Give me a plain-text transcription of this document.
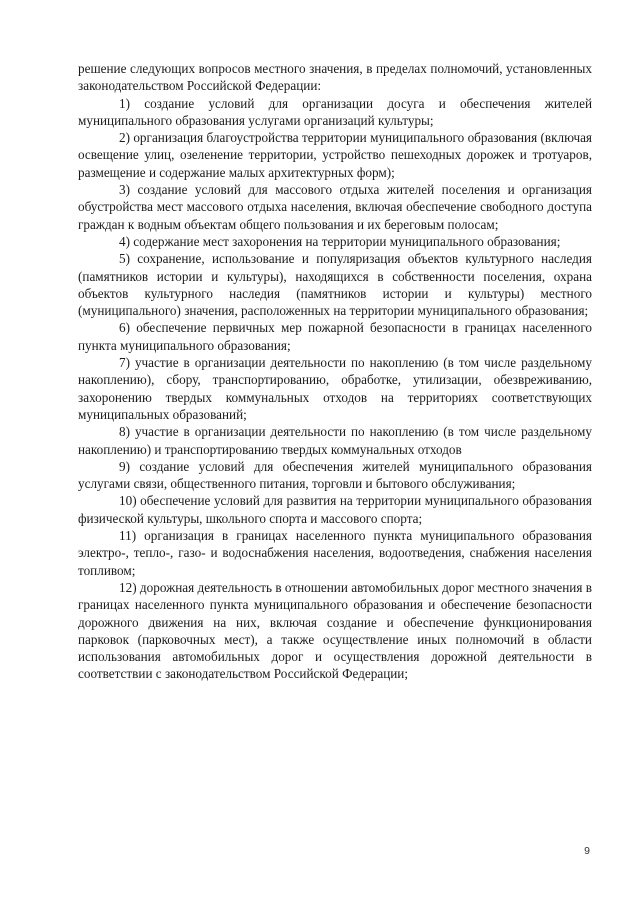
решение следующих вопросов местного значения, в пределах полномочий, установленных законодательством Российской Федерации:

1) создание условий для организации досуга и обеспечения жителей муниципального образования услугами организаций культуры;

2) организация благоустройства территории муниципального образования (включая освещение улиц, озеленение территории, устройство пешеходных дорожек и тротуаров, размещение и содержание малых архитектурных форм);

3) создание условий для массового отдыха жителей поселения и организация обустройства мест массового отдыха населения, включая обеспечение свободного доступа граждан к водным объектам общего пользования и их береговым полосам;

4) содержание мест захоронения на территории муниципального образования;

5) сохранение, использование и популяризация объектов культурного наследия (памятников истории и культуры), находящихся в собственности поселения, охрана объектов культурного наследия (памятников истории и культуры) местного (муниципального) значения, расположенных на территории муниципального образования;

6) обеспечение первичных мер пожарной безопасности в границах населенного пункта муниципального образования;

7) участие в организации деятельности по накоплению (в том числе раздельному накоплению), сбору, транспортированию, обработке, утилизации, обезвреживанию, захоронению твердых коммунальных отходов на территориях соответствующих муниципальных образований;

8) участие в организации деятельности по накоплению (в том числе раздельному накоплению) и транспортированию твердых коммунальных отходов

9) создание условий для обеспечения жителей муниципального образования услугами связи, общественного питания, торговли и бытового обслуживания;

10) обеспечение условий для развития на территории муниципального образования физической культуры, школьного спорта и массового спорта;

11) организация в границах населенного пункта муниципального образования электро-, тепло-, газо- и водоснабжения населения, водоотведения, снабжения населения топливом;

12) дорожная деятельность в отношении автомобильных дорог местного значения в границах населенного пункта муниципального образования и обеспечение безопасности дорожного движения на них, включая создание и обеспечение функционирования парковок (парковочных мест), а также осуществление иных полномочий в области использования автомобильных дорог и осуществления дорожной деятельности в соответствии с законодательством Российской Федерации;

9
